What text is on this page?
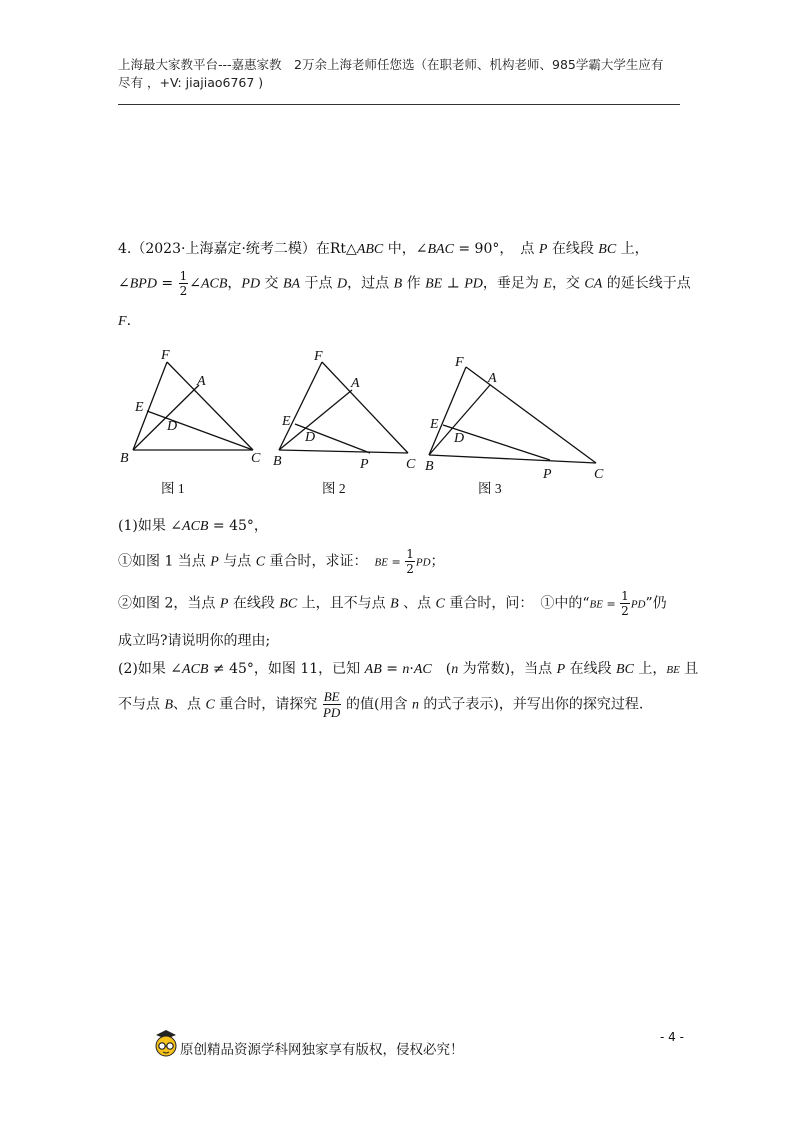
上海最大家教平台---嘉惠家教　2万余上海老师任您选（在职老师、机构老师、985学霸大学生应有
尽有 ，+V: jiajiao6767 )
4.（2023·上海嘉定·统考二模）在Rt△ABC 中，∠BAC = 90°，　点 P 在线段 BC 上，
∠BPD = $\frac{1}{2}$ ∠ACB，PD 交 BA 于点 D，过点 B 作 BE ⊥ PD，垂足为 E，交 CA 的延长线于点
F.
F
A
E
D
B	C
图 1
F
A
E
D
B	P	C
图 2
F
A
E
D
B
P	C
图 3
(1)如果 ∠ACB = 45°，
①如图 1 当点 P 与点 C 重合时，求证：　BE = $\frac{1}{2}$ PD；
②如图 2，当点 P 在线段 BC 上，且不与点 B 、点 C 重合时，问：　①中的“BE = $\frac{1}{2}$ PD”仍
成立吗?请说明你的理由;
(2)如果 ∠ACB ≠ 45°，如图 11，已知 AB = n·AC　(n 为常数)，当点 P 在线段 BC 上，BE 且
不与点 B、点 C 重合时，请探究 $\frac{BE}{PD}$ 的值(用含 n 的式子表示)，并写出你的探究过程.
原创精品资源学科网独家享有版权，侵权必究！
- 4 -
